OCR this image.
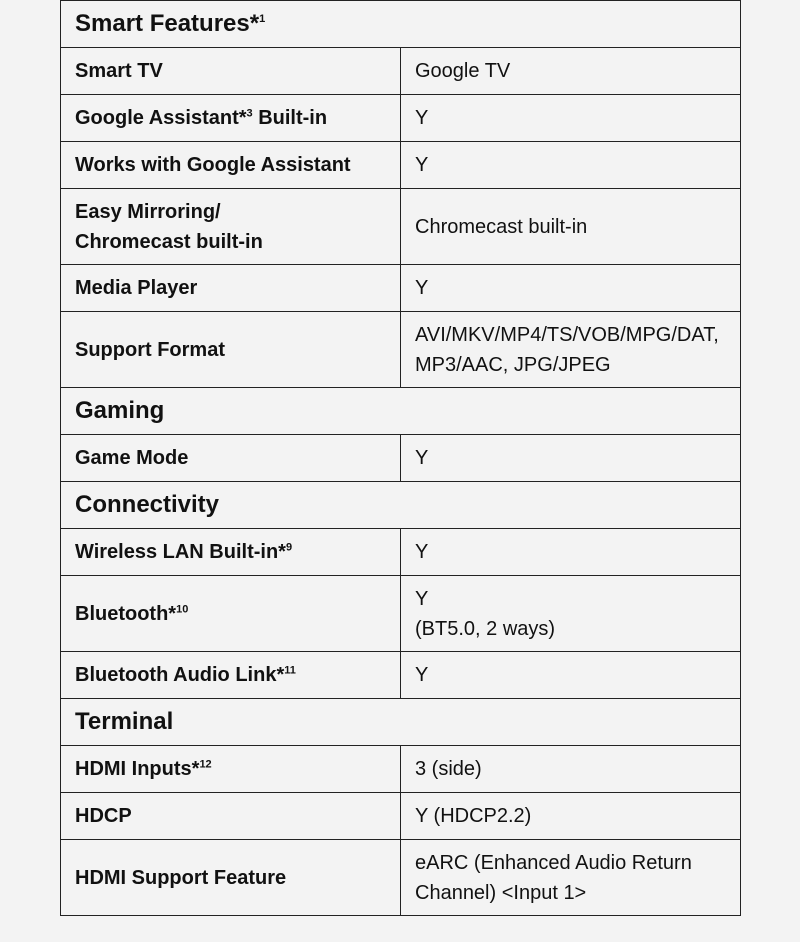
Smart Features*$^1$
Smart TV	Google TV
Google Assistant*$^3$ Built-in	Y
Works with Google Assistant	Y

Easy Mirroring/
Chromecast built-in	Chromecast built-in
Media Player	Y
Support Format	AVI/MKV/MP4/TS/VOB/MPG/DAT,
MP3/AAC, JPG/JPEG

Gaming	
Game Mode	Y
Connectivity	
Wireless LAN Built-in*$^9$	Y
Bluetooth*$^{10}$	Y
(BT5.0, 2 ways)

Bluetooth Audio Link*$^{11}$	Y
Terminal	
HDMI Inputs*$^{12}$	3 (side)
HDCP	Y (HDCP2.2)
HDMI Support Feature	eARC (Enhanced Audio Return
Channel) <Input 1>
